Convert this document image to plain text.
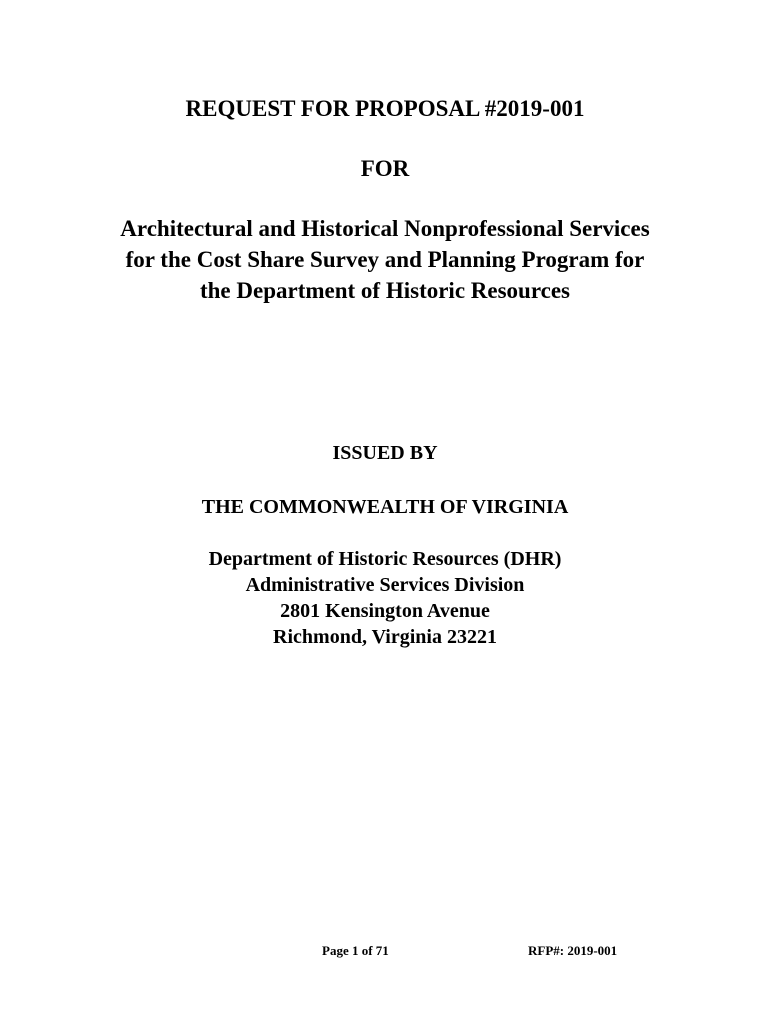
REQUEST FOR PROPOSAL #2019-001
FOR
Architectural and Historical Nonprofessional Services
for the Cost Share Survey and Planning Program for
the Department of Historic Resources
ISSUED BY
THE COMMONWEALTH OF VIRGINIA
Department of Historic Resources (DHR)
Administrative Services Division
2801 Kensington Avenue
Richmond, Virginia 23221
Page 1 of 71	RFP#: 2019-001
